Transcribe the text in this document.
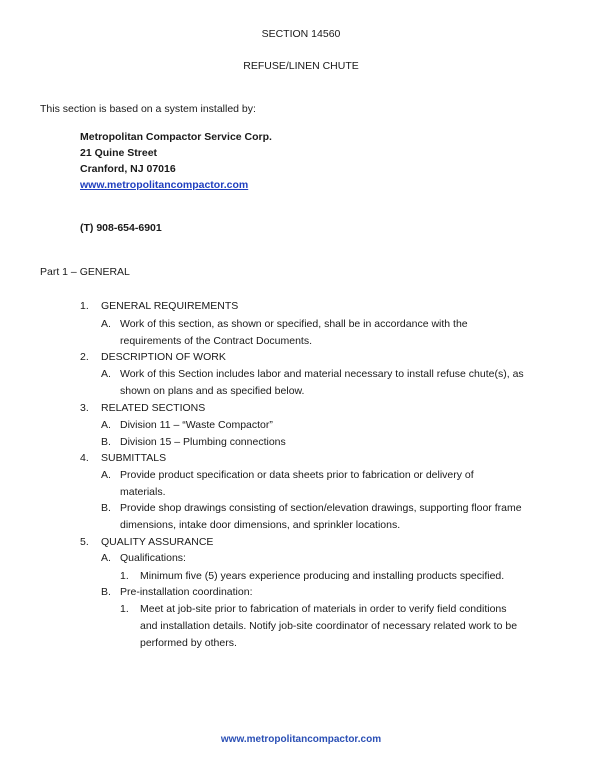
SECTION 14560
REFUSE/LINEN CHUTE
This section is based on a system installed by:
Metropolitan Compactor Service Corp.
21 Quine Street
Cranford, NJ 07016
www.metropolitancompactor.com
(T) 908-654-6901
Part 1 – GENERAL
1. GENERAL REQUIREMENTS
A. Work of this section, as shown or specified, shall be in accordance with the
requirements of the Contract Documents.
2. DESCRIPTION OF WORK
A. Work of this Section includes labor and material necessary to install refuse chute(s), as
shown on plans and as specified below.
3. RELATED SECTIONS
A. Division 11 – “Waste Compactor”
B. Division 15 – Plumbing connections
4. SUBMITTALS
A. Provide product specification or data sheets prior to fabrication or delivery of
materials.
B. Provide shop drawings consisting of section/elevation drawings, supporting floor frame
dimensions, intake door dimensions, and sprinkler locations.
5. QUALITY ASSURANCE
A. Qualifications:
1. Minimum five (5) years experience producing and installing products specified.
B. Pre-installation coordination:
1. Meet at job-site prior to fabrication of materials in order to verify field conditions
and installation details. Notify job-site coordinator of necessary related work to be
performed by others.
www.metropolitancompactor.com
